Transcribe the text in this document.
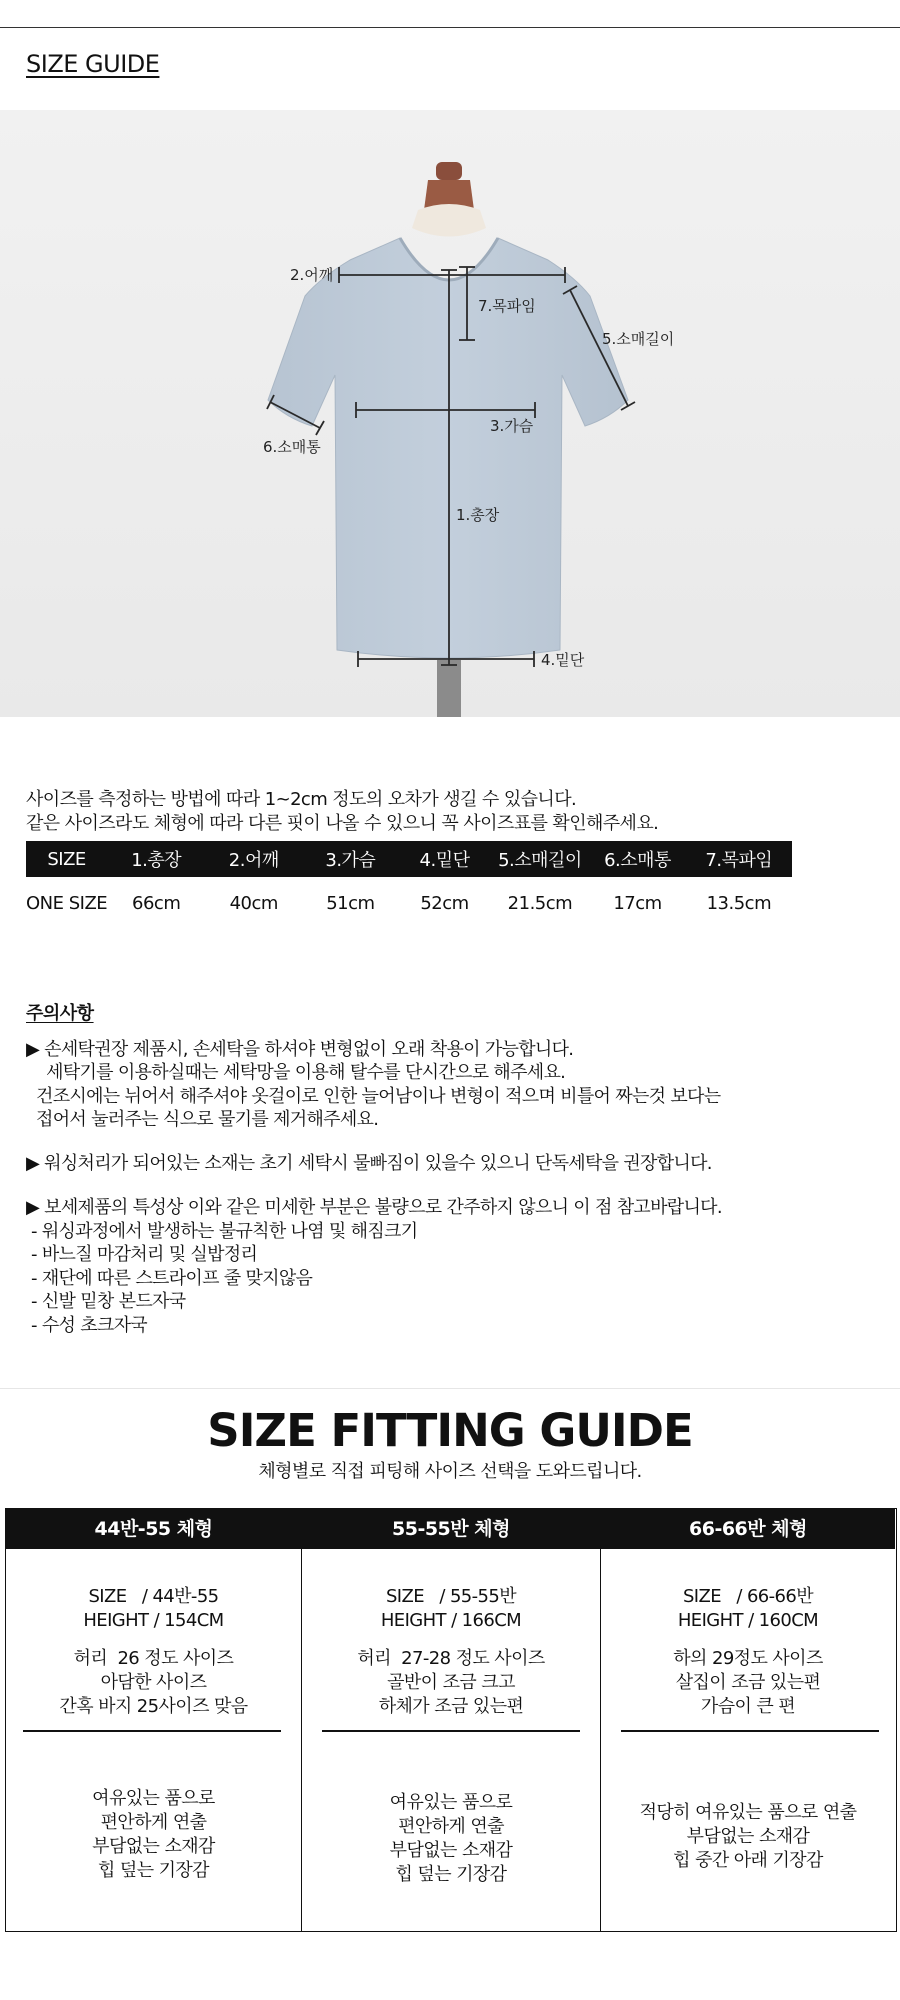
SIZE GUIDE
2.어깨
7.목파임
5.소매길이
6.소매통
3.가슴
1.총장
4.밑단
사이즈를 측정하는 방법에 따라 1~2cm 정도의 오차가 생길 수 있습니다.
같은 사이즈라도 체형에 따라 다른 핏이 나올 수 있으니 꼭 사이즈표를 확인해주세요.
SIZE	1.총장	2.어깨	3.가슴	4.밑단	5.소매길이	6.소매통	7.목파임
ONE SIZE	66cm	40cm	51cm	52cm	21.5cm	17cm	13.5cm
주의사항
▶ 손세탁권장 제품시, 손세탁을 하셔야 변형없이 오래 착용이 가능합니다.
세탁기를 이용하실때는 세탁망을 이용해 탈수를 단시간으로 해주세요.
건조시에는 뉘어서 해주셔야 옷걸이로 인한 늘어남이나 변형이 적으며 비틀어 짜는것 보다는
접어서 눌러주는 식으로 물기를 제거해주세요.
▶ 워싱처리가 되어있는 소재는 초기 세탁시 물빠짐이 있을수 있으니 단독세탁을 권장합니다.
▶ 보세제품의 특성상 이와 같은 미세한 부분은 불량으로 간주하지 않으니 이 점 참고바랍니다.
- 워싱과정에서 발생하는 불규칙한 나염 및 해짐크기
- 바느질 마감처리 및 실밥정리
- 재단에 따른 스트라이프 줄 맞지않음
- 신발 밑창 본드자국
- 수성 초크자국
SIZE FITTING GUIDE
체형별로 직접 피팅해 사이즈 선택을 도와드립니다.
44반-55 체형
SIZE   / 44반-55
HEIGHT / 154CM
허리  26 정도 사이즈
아담한 사이즈
간혹 바지 25사이즈 맞음
여유있는 품으로
편안하게 연출
부담없는 소재감
힙 덮는 기장감
55-55반 체형
SIZE   / 55-55반
HEIGHT / 166CM
허리  27-28 정도 사이즈
골반이 조금 크고
하체가 조금 있는편
여유있는 품으로
편안하게 연출
부담없는 소재감
힙 덮는 기장감
66-66반 체형
SIZE   / 66-66반
HEIGHT / 160CM
하의 29정도 사이즈
살집이 조금 있는편
가슴이 큰 편
적당히 여유있는 품으로 연출
부담없는 소재감
힙 중간 아래 기장감
